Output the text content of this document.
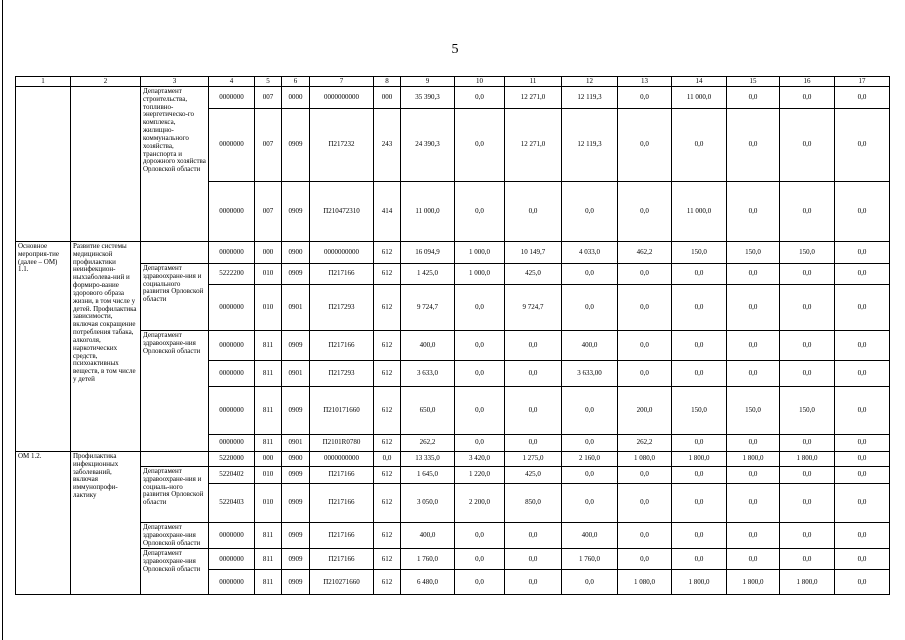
5
1	2	3	4	5	6	7	8	9	10	11	12	13	14	15	16	17
		Департамент строительства, топливно-энергетическо-го комплекса, жилищно-коммунального хозяйства, транспорта и дорожного хозяйства Орловской области	0000000	007	0000	0000000000	000	35 390,3	0,0	12 271,0	12 119,3	0,0	11 000,0	0,0	0,0	0,0
			0000000	007	0909	П217232	243	24 390,3	0,0	12 271,0	12 119,3	0,0	0,0	0,0	0,0	0,0
			0000000	007	0909	П210472310	414	11 000,0	0,0	0,0	0,0	0,0	11 000,0	0,0	0,0	0,0
Основное мероприя-тие (далее – ОМ) 1.1.	Развитие системы медицинской профилактики неинфекцион-ныхзаболева-ний и формиро-вание здорового образа жизни, в том числе у детей. Профилактика зависимости, включая сокращение потребления табака, алкоголя, наркотических средств, психоактивных веществ, в том числе у детей		0000000	000	0900	0000000000	612	16 094,9	1 000,0	10 149,7	4 033,0	462,2	150,0	150,0	150,0	0,0
		Департамент здравоохране-ния и социального развития Орловской области	5222200	010	0909	П217166	612	1 425,0	1 000,0	425,0	0,0	0,0	0,0	0,0	0,0	0,0
			0000000	010	0901	П217293	612	9 724,7	0,0	9 724,7	0,0	0,0	0,0	0,0	0,0	0,0
		Департамент здравоохране-ния Орловской области	0000000	811	0909	П217166	612	400,0	0,0	0,0	400,0	0,0	0,0	0,0	0,0	0,0
			0000000	811	0901	П217293	612	3 633,0	0,0	0,0	3 633,00	0,0	0,0	0,0	0,0	0,0
			0000000	811	0909	П210171660	612	650,0	0,0	0,0	0,0	200,0	150,0	150,0	150,0	0,0
			0000000	811	0901	П2101R0780	612	262,2	0,0	0,0	0,0	262,2	0,0	0,0	0,0	0,0
ОМ 1.2.	Профилактика инфекционных заболеваний, включая иммунопрофи-лактику		5220000	000	0900	0000000000	0,0	13 335,0	3 420,0	1 275,0	2 160,0	1 080,0	1 800,0	1 800,0	1 800,0	0,0
		Департамент здравоохране-ния и социаль-ного развития Орловской области	5220402	010	0909	П217166	612	1 645,0	1 220,0	425,0	0,0	0,0	0,0	0,0	0,0	0,0
			5220403	010	0909	П217166	612	3 050,0	2 200,0	850,0	0,0	0,0	0,0	0,0	0,0	0,0
		Департамент здравоохране-ния Орловской области	0000000	811	0909	П217166	612	400,0	0,0	0,0	400,0	0,0	0,0	0,0	0,0	0,0
		Департамент здравоохране-ния Орловской области	0000000	811	0909	П217166	612	1 760,0	0,0	0,0	1 760,0	0,0	0,0	0,0	0,0	0,0
			0000000	811	0909	П210271660	612	6 480,0	0,0	0,0	0,0	1 080,0	1 800,0	1 800,0	1 800,0	0,0
